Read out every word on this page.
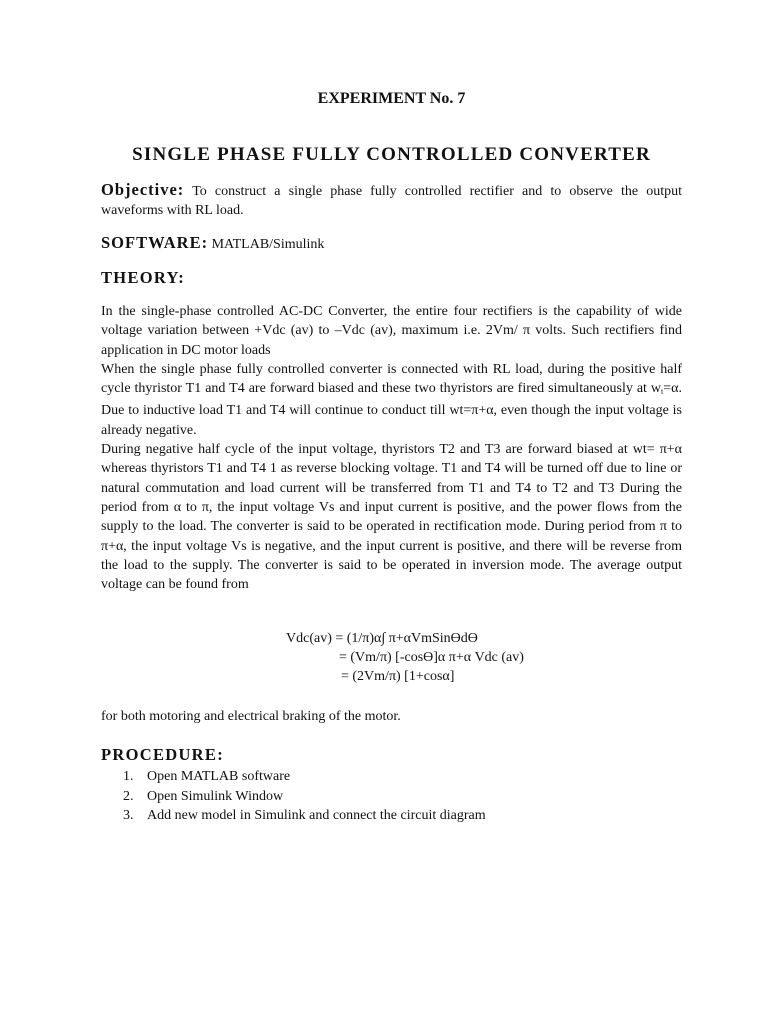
EXPERIMENT No. 7
SINGLE PHASE FULLY CONTROLLED CONVERTER

Objective: To construct a single phase fully controlled rectifier and to observe the output waveforms with RL load.

SOFTWARE: MATLAB/Simulink

THEORY:

In the single-phase controlled AC-DC Converter, the entire four rectifiers is the capability of wide voltage variation between +Vdc (av) to –Vdc (av), maximum i.e. 2Vm/ π volts. Such rectifiers find application in DC motor loads

When the single phase fully controlled converter is connected with RL load, during the positive half cycle thyristor T1 and T4 are forward biased and these two thyristors are fired simultaneously at $w_t=\alpha$. Due to inductive load T1 and T4 will continue to conduct till wt=π+α, even though the input voltage is already negative.

During negative half cycle of the input voltage, thyristors T2 and T3 are forward biased at wt= π+α whereas thyristors T1 and T4 1 as reverse blocking voltage. T1 and T4 will be turned off due to line or natural commutation and load current will be transferred from T1 and T4 to T2 and T3 During the period from α to π, the input voltage Vs and input current is positive, and the power flows from the supply to the load. The converter is said to be operated in rectification mode. During period from π to π+α, the input voltage Vs is negative, and the input current is positive, and there will be reverse from the load to the supply. The converter is said to be operated in inversion mode. The average output voltage can be found from

Vdc(av) = (1/π)α∫ π+αVmSinϴdϴ
= (Vm/π) [-cosϴ]α π+α Vdc (av)
= (2Vm/π) [1+cosα]

for both motoring and electrical braking of the motor.

PROCEDURE:
1. Open MATLAB software
2. Open Simulink Window
3. Add new model in Simulink and connect the circuit diagram
